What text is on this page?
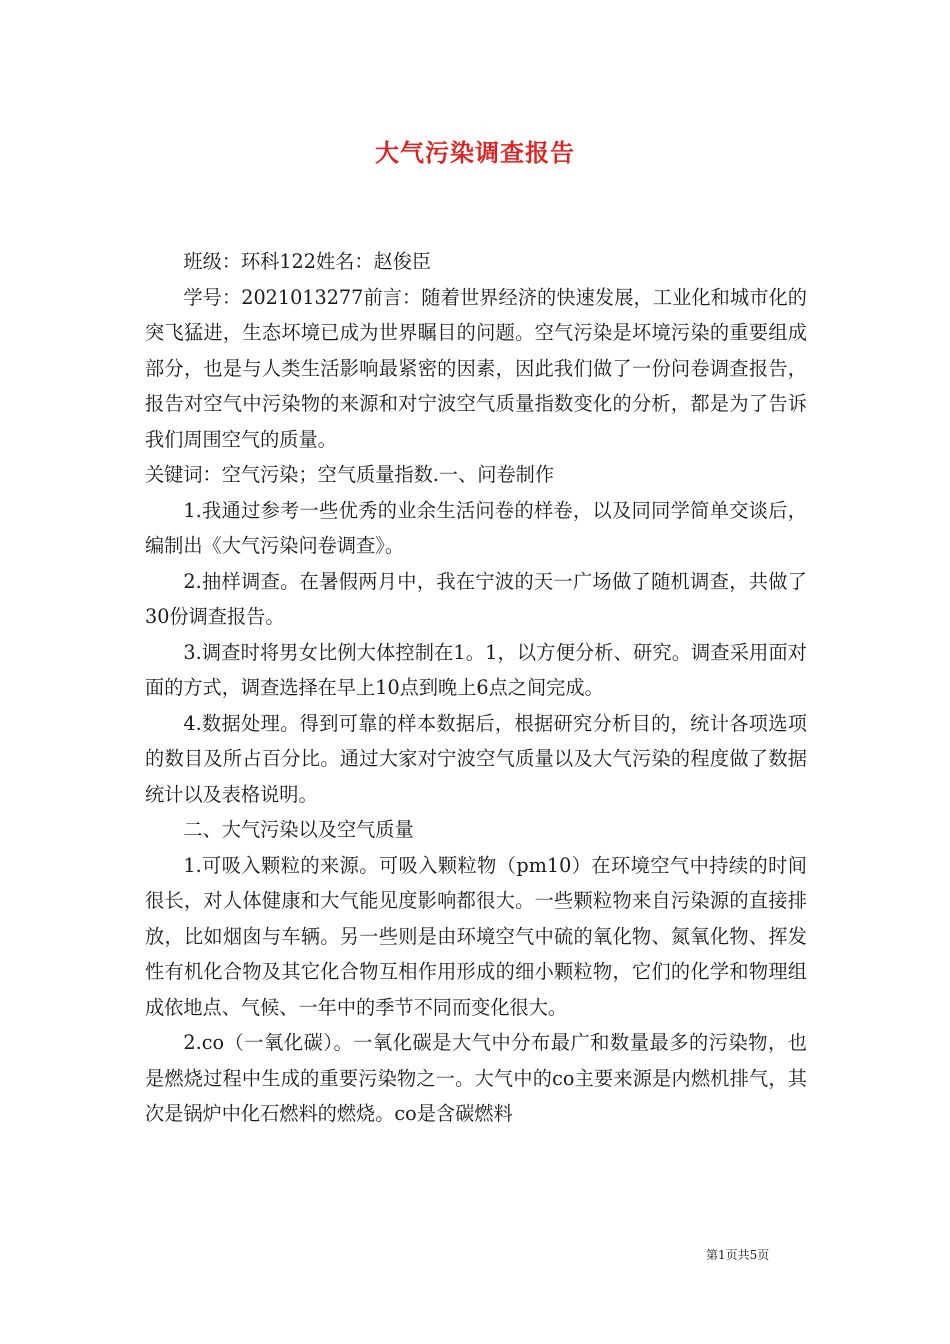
大气污染调查报告

班级：环科122姓名：赵俊臣

学号：2021013277前言：随着世界经济的快速发展，工业化和城市化的突飞猛进，生态坏境已成为世界瞩目的问题。空气污染是坏境污染的重要组成部分，也是与人类生活影响最紧密的因素，因此我们做了一份问卷调查报告，报告对空气中污染物的来源和对宁波空气质量指数变化的分析，都是为了告诉我们周围空气的质量。

关键词：空气污染；空气质量指数.一、问卷制作

1.我通过参考一些优秀的业余生活问卷的样卷，以及同同学简单交谈后，编制出《大气污染问卷调查》。

2.抽样调查。在暑假两月中，我在宁波的天一广场做了随机调查，共做了30份调查报告。

3.调查时将男女比例大体控制在1。1，以方便分析、研究。调查采用面对面的方式，调查选择在早上10点到晚上6点之间完成。

4.数据处理。得到可靠的样本数据后，根据研究分析目的，统计各项选项的数目及所占百分比。通过大家对宁波空气质量以及大气污染的程度做了数据统计以及表格说明。

二、大气污染以及空气质量

1.可吸入颗粒的来源。可吸入颗粒物（pm10）在环境空气中持续的时间很长，对人体健康和大气能见度影响都很大。一些颗粒物来自污染源的直接排放，比如烟囱与车辆。另一些则是由环境空气中硫的氧化物、氮氧化物、挥发性有机化合物及其它化合物互相作用形成的细小颗粒物，它们的化学和物理组成依地点、气候、一年中的季节不同而变化很大。

2.co（一氧化碳）。一氧化碳是大气中分布最广和数量最多的污染物，也是燃烧过程中生成的重要污染物之一。大气中的co主要来源是内燃机排气，其次是锅炉中化石燃料的燃烧。co是含碳燃料

第1页共5页
